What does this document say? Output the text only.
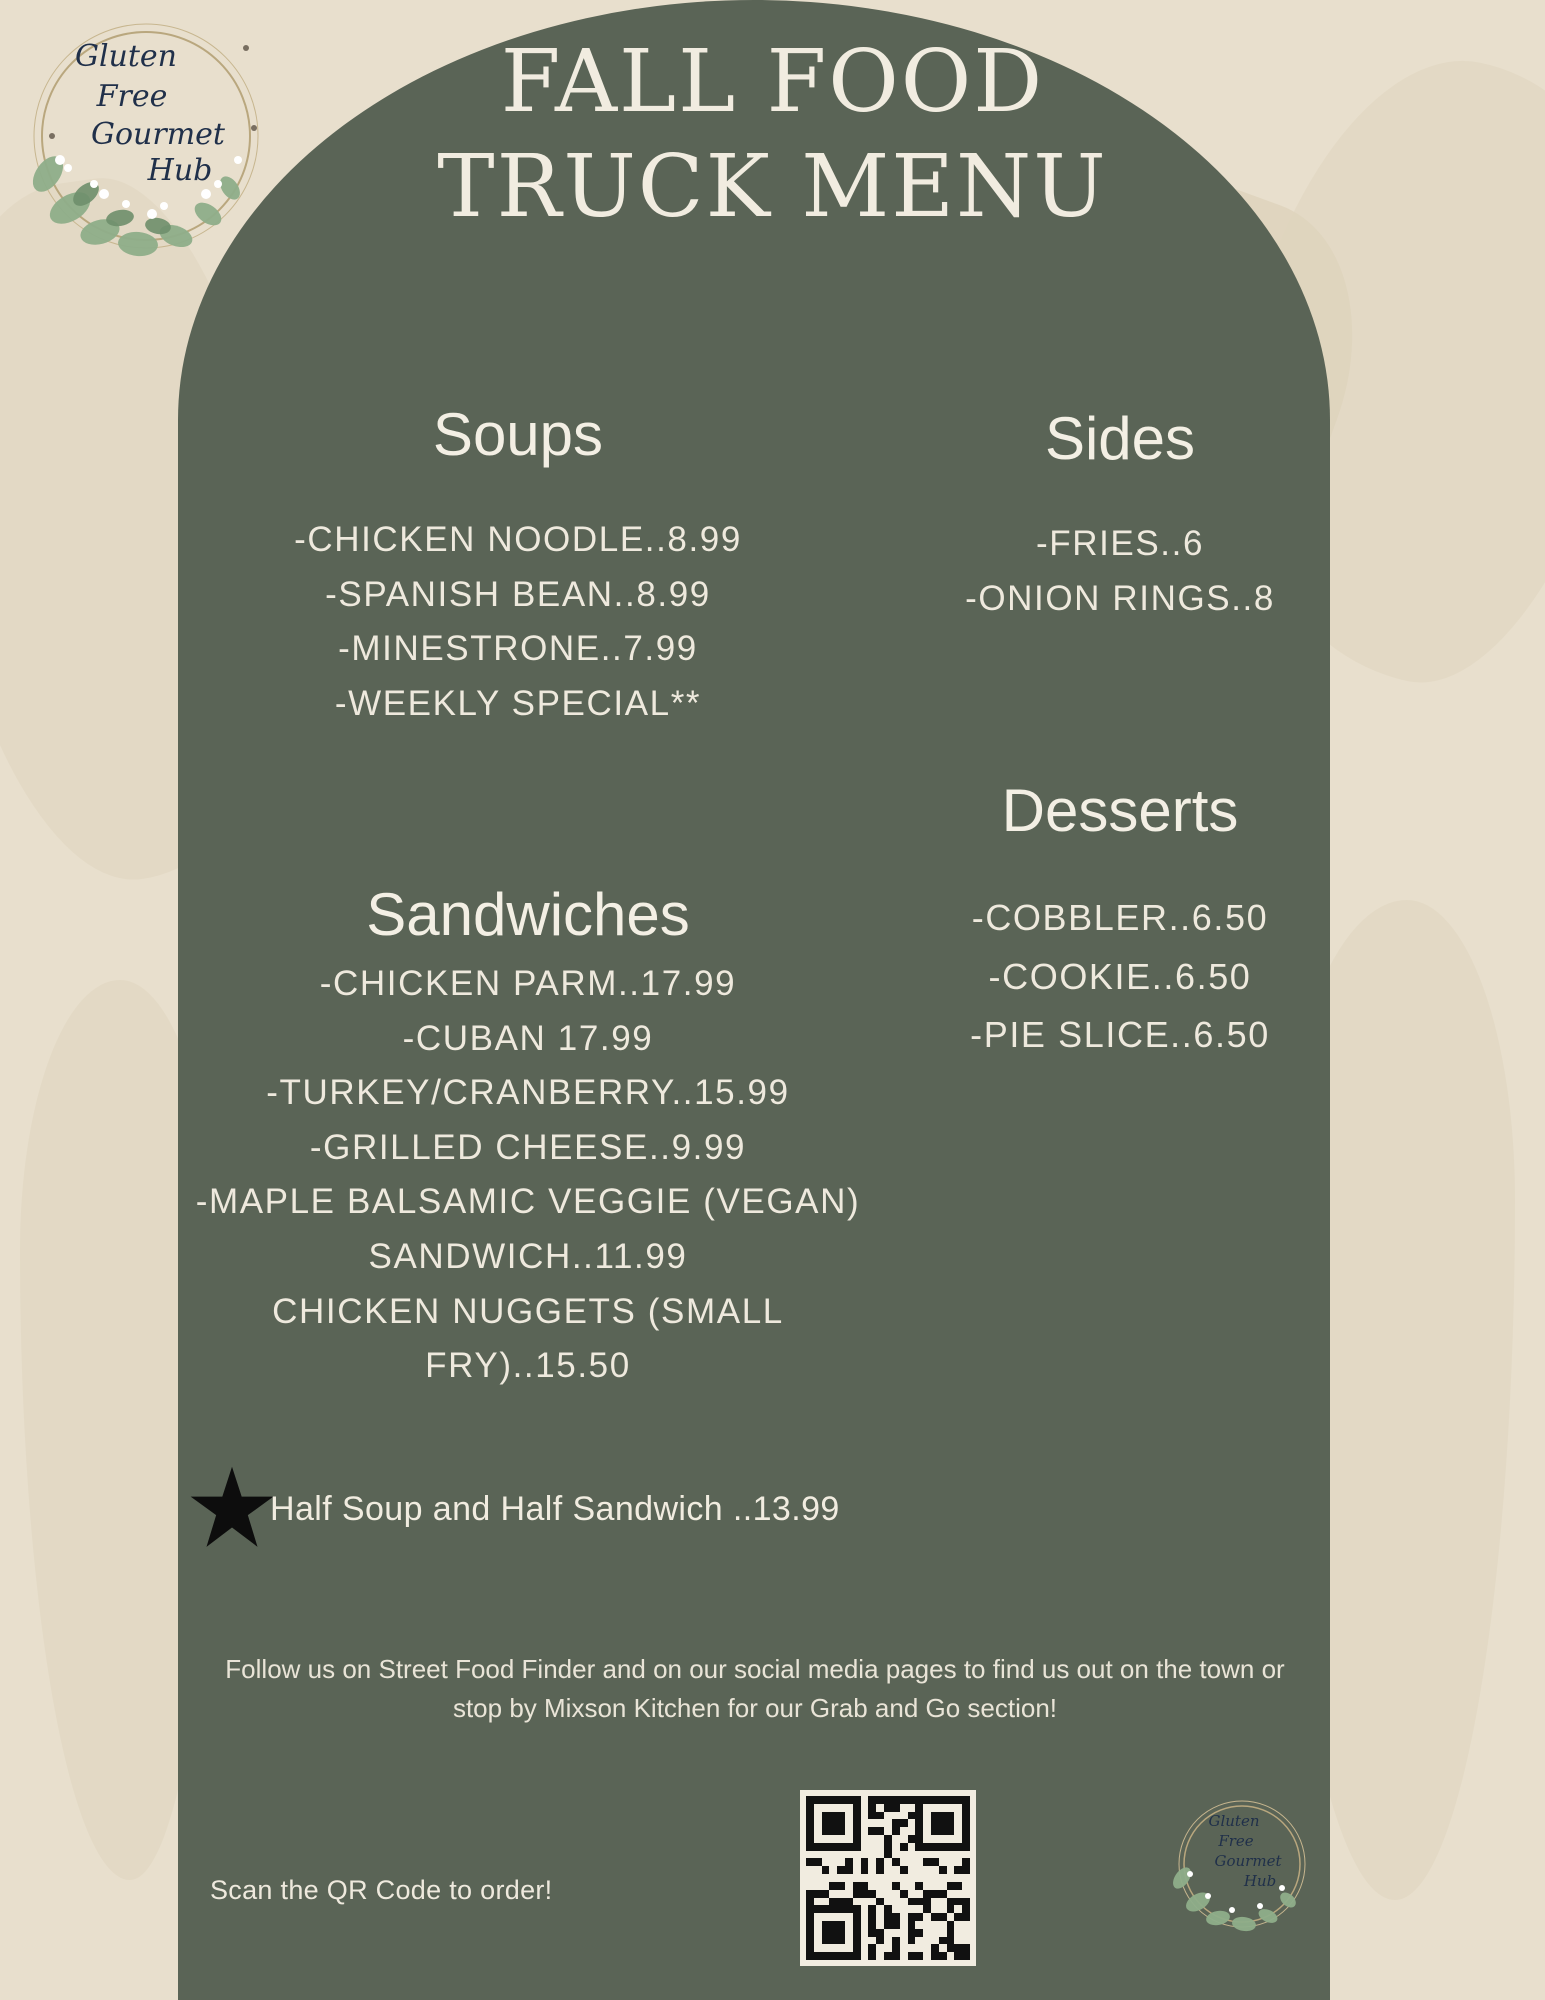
FALL FOOD
TRUCK MENU
Soups
-CHICKEN NOODLE..8.99
-SPANISH BEAN..8.99
-MINESTRONE..7.99
-WEEKLY SPECIAL**
Sides
-FRIES..6
-ONION RINGS..8
Desserts
-COBBLER..6.50
-COOKIE..6.50
-PIE SLICE..6.50
Sandwiches
-CHICKEN PARM..17.99
-CUBAN 17.99
-TURKEY/CRANBERRY..15.99
-GRILLED CHEESE..9.99
-MAPLE BALSAMIC VEGGIE (VEGAN) SANDWICH..11.99
CHICKEN NUGGETS (SMALL FRY)..15.50
Half Soup and Half Sandwich ..13.99
Follow us on Street Food Finder and on our social media pages to find us out on the town or stop by Mixson Kitchen for our Grab and Go section!
Scan the QR Code to order!
Gluten
Free
Gourmet
Hub
Gluten
Free
Gourmet
Hub
